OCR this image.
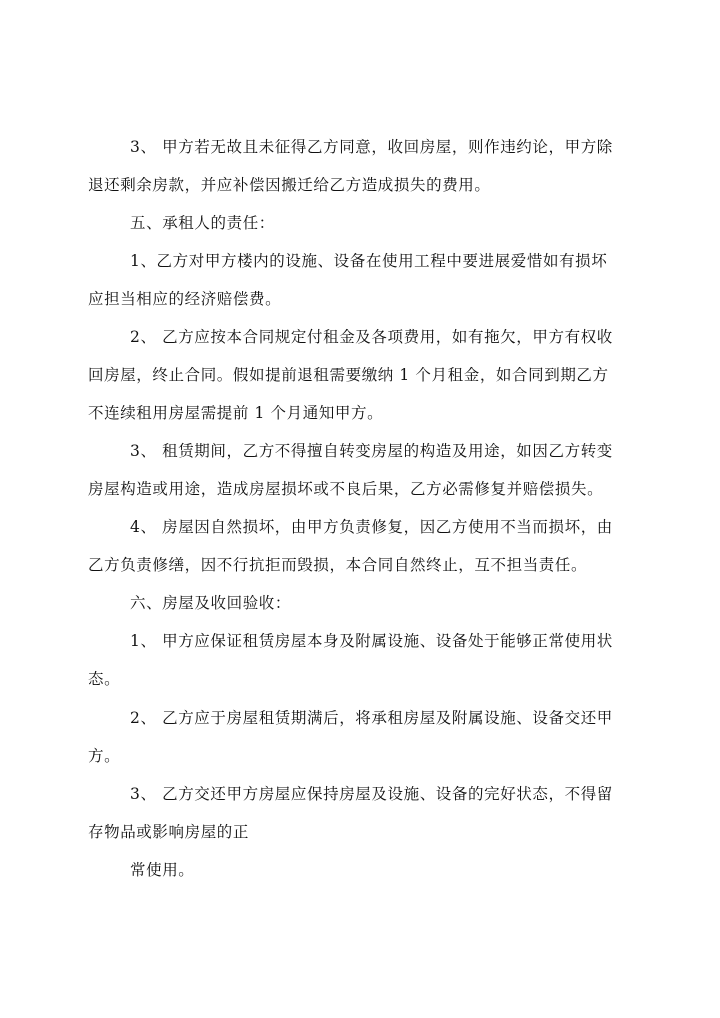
3、 甲方若无故且未征得乙方同意，收回房屋，则作违约论，甲方除
退还剩余房款，并应补偿因搬迁给乙方造成损失的费用。
五、承租人的责任：
1、乙方对甲方楼内的设施、设备在使用工程中要进展爱惜如有损坏
应担当相应的经济赔偿费。
2、 乙方应按本合同规定付租金及各项费用，如有拖欠，甲方有权收
回房屋，终止合同。假如提前退租需要缴纳 1 个月租金，如合同到期乙方
不连续租用房屋需提前 1 个月通知甲方。
3、 租赁期间，乙方不得擅自转变房屋的构造及用途，如因乙方转变
房屋构造或用途，造成房屋损坏或不良后果，乙方必需修复并赔偿损失。
4、 房屋因自然损坏，由甲方负责修复，因乙方使用不当而损坏，由
乙方负责修缮，因不行抗拒而毁损，本合同自然终止，互不担当责任。
六、房屋及收回验收：
1、 甲方应保证租赁房屋本身及附属设施、设备处于能够正常使用状
态。
2、 乙方应于房屋租赁期满后，将承租房屋及附属设施、设备交还甲
方。
3、 乙方交还甲方房屋应保持房屋及设施、设备的完好状态，不得留
存物品或影响房屋的正
常使用。
